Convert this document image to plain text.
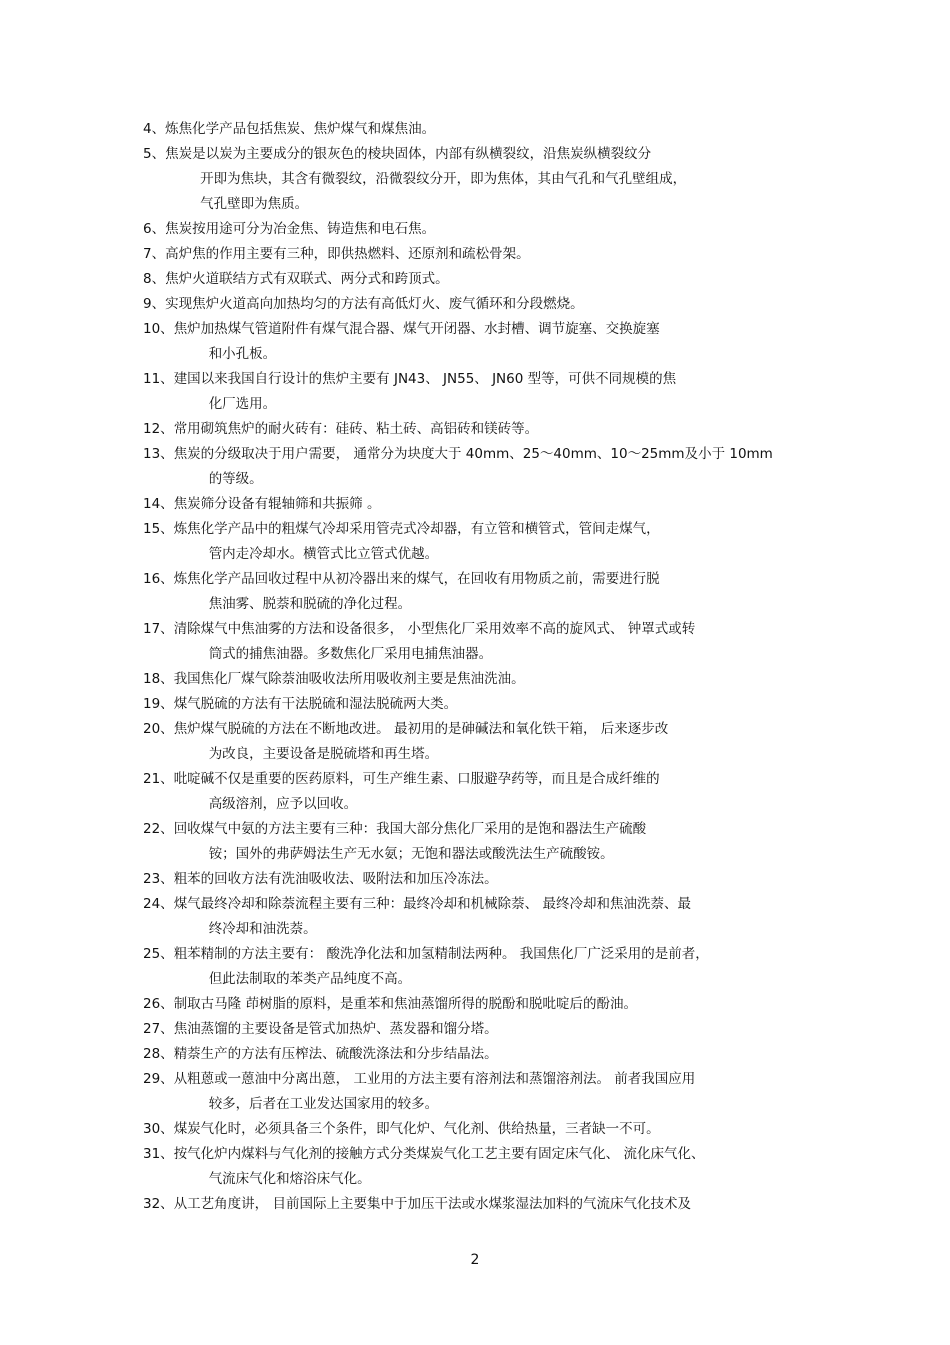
4、 炼焦化学产品包括焦炭、焦炉煤气和煤焦油。
5、 焦炭是以炭为主要成分的银灰色的棱块固体，内部有纵横裂纹，沿焦炭纵横裂纹分
开即为焦块，其含有微裂纹，沿微裂纹分开，即为焦体，其由气孔和气孔壁组成，
气孔壁即为焦质。
6、 焦炭按用途可分为冶金焦、铸造焦和电石焦。
7、 高炉焦的作用主要有三种，即供热燃料、还原剂和疏松骨架。
8、 焦炉火道联结方式有双联式、两分式和跨顶式。
9、 实现焦炉火道高向加热均匀的方法有高低灯火、废气循环和分段燃烧。
10、 焦炉加热煤气管道附件有煤气混合器、煤气开闭器、水封槽、调节旋塞、交换旋塞
和小孔板。
11、 建国以来我国自行设计的焦炉主要有 JN43、 JN55、 JN60 型等，可供不同规模的焦
化厂选用。
12、 常用砌筑焦炉的耐火砖有：硅砖、粘土砖、高铝砖和镁砖等。
13、 焦炭的分级取决于用户需要， 通常分为块度大于 40mm、25～40mm、10～25mm及小于 10mm
的等级。
14、 焦炭筛分设备有辊轴筛和共振筛 。
15、 炼焦化学产品中的粗煤气冷却采用管壳式冷却器，有立管和横管式，管间走煤气，
管内走冷却水。横管式比立管式优越。
16、 炼焦化学产品回收过程中从初冷器出来的煤气，在回收有用物质之前，需要进行脱
焦油雾、脱萘和脱硫的净化过程。
17、 清除煤气中焦油雾的方法和设备很多， 小型焦化厂采用效率不高的旋风式、 钟罩式或转
筒式的捕焦油器。多数焦化厂采用电捕焦油器。
18、 我国焦化厂煤气除萘油吸收法所用吸收剂主要是焦油洗油。
19、 煤气脱硫的方法有干法脱硫和湿法脱硫两大类。
20、 焦炉煤气脱硫的方法在不断地改进。 最初用的是砷碱法和氧化铁干箱， 后来逐步改
为改良，主要设备是脱硫塔和再生塔。
21、 吡啶碱不仅是重要的医药原料，可生产维生素、口服避孕药等，而且是合成纤维的
高级溶剂，应予以回收。
22、 回收煤气中氨的方法主要有三种：我国大部分焦化厂采用的是饱和器法生产硫酸
铵；国外的弗萨姆法生产无水氨；无饱和器法或酸洗法生产硫酸铵。
23、 粗苯的回收方法有洗油吸收法、吸附法和加压冷冻法。
24、 煤气最终冷却和除萘流程主要有三种：最终冷却和机械除萘、 最终冷却和焦油洗萘、最
终冷却和油洗萘。
25、 粗苯精制的方法主要有： 酸洗净化法和加氢精制法两种。 我国焦化厂广泛采用的是前者，
但此法制取的苯类产品纯度不高。
26、 制取古马隆 茚树脂的原料，是重苯和焦油蒸馏所得的脱酚和脱吡啶后的酚油。
27、 焦油蒸馏的主要设备是管式加热炉、蒸发器和馏分塔。
28、 精萘生产的方法有压榨法、硫酸洗涤法和分步结晶法。
29、 从粗蒽或一蒽油中分离出蒽， 工业用的方法主要有溶剂法和蒸馏溶剂法。 前者我国应用
较多，后者在工业发达国家用的较多。
30、 煤炭气化时，必须具备三个条件，即气化炉、气化剂、供给热量，三者缺一不可。
31、 按气化炉内煤料与气化剂的接触方式分类煤炭气化工艺主要有固定床气化、 流化床气化、
气流床气化和熔浴床气化。
32、 从工艺角度讲， 目前国际上主要集中于加压干法或水煤浆湿法加料的气流床气化技术及
2
